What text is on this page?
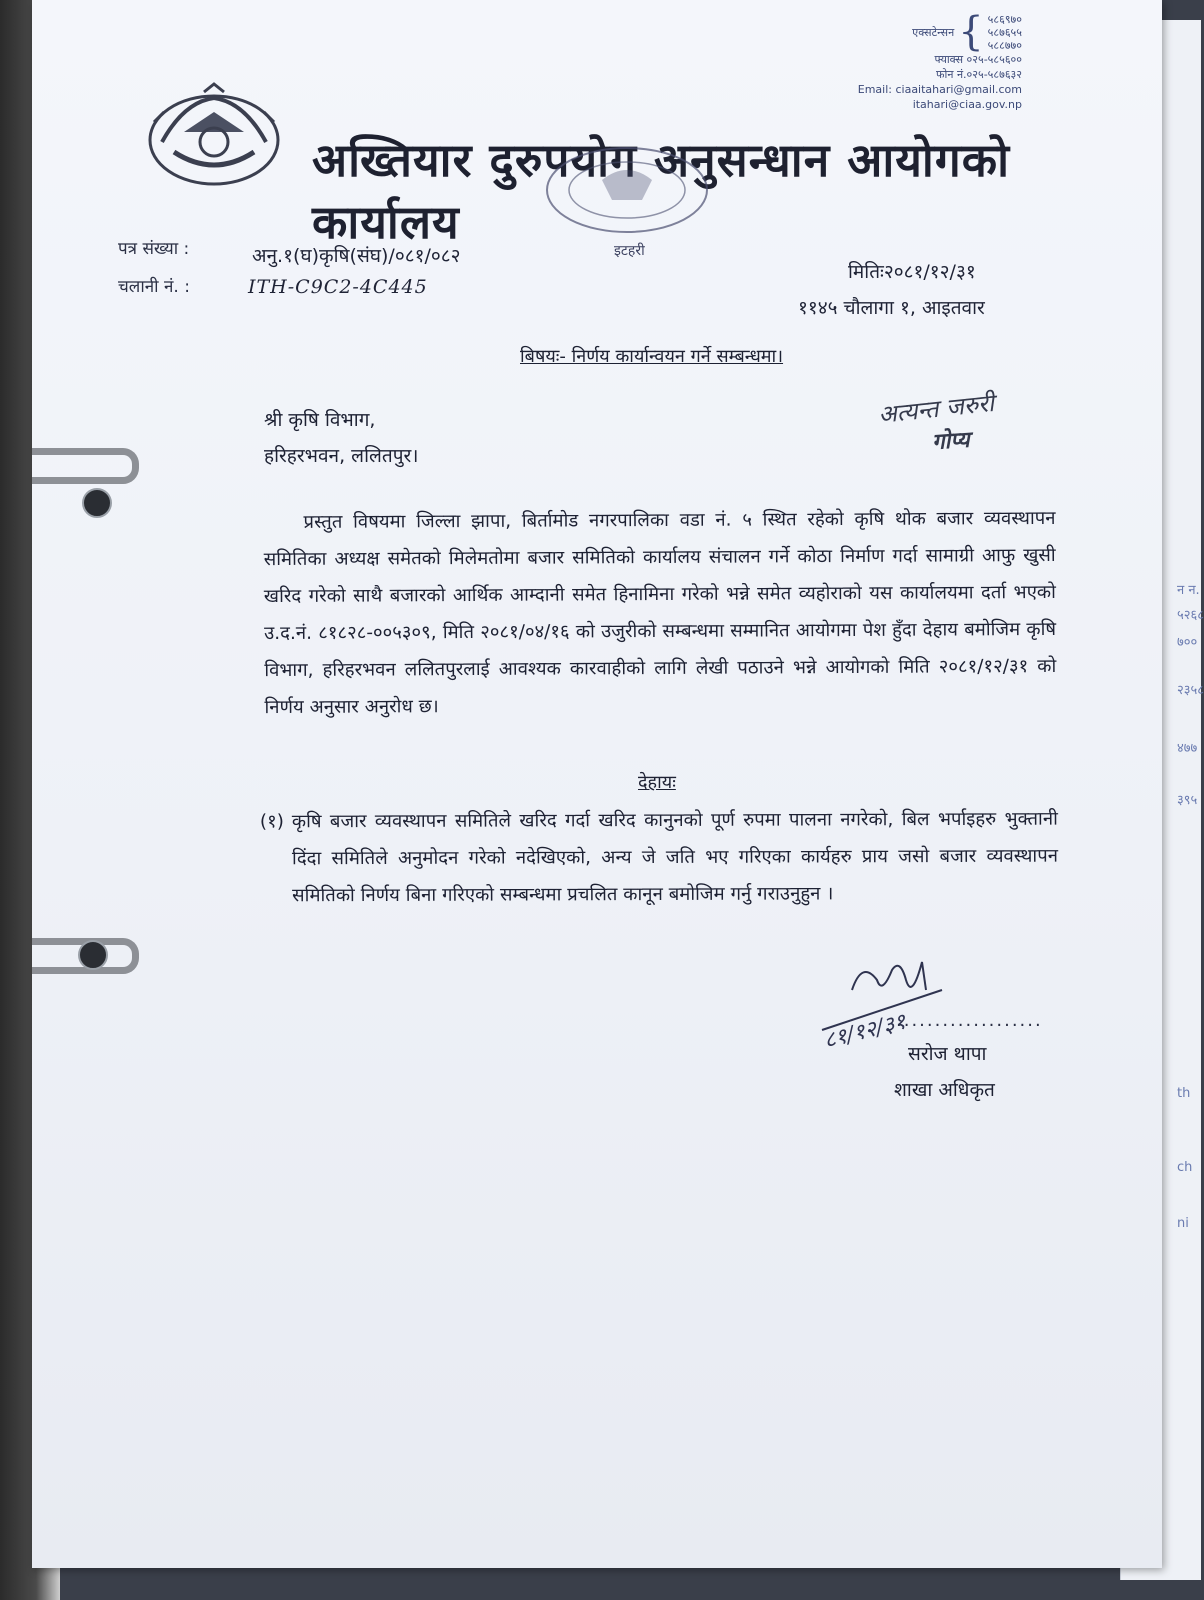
न न.
५२६८
७००
२३५८
४७७
३९५
th
ch
ni
एक्सटेन्सन { ५८६९७०
५८७६५५
५८८७७०
फ्याक्स ०२५-५८५६००
फोन नं.०२५-५८७६३२
Email: ciaaitahari@gmail.com
itahari@ciaa.gov.np
अख्तियार दुरुपयोग अनुसन्धान आयोगको कार्यालय
इटहरी
पत्र संख्या :	अनु.१(घ)कृषि(संघ)/०८१/०८२
चलानी नं. :	ITH-C9C2-4C445
मितिः२०८१/१२/३१
११४५ चौलागा १, आइतवार
बिषयः- निर्णय कार्यान्वयन गर्ने सम्बन्धमा।
श्री कृषि विभाग,
हरिहरभवन, ललितपुर।
अत्यन्त जरुरी
गोप्य
प्रस्तुत विषयमा जिल्ला झापा, बिर्तामोड नगरपालिका वडा नं. ५ स्थित रहेको कृषि थोक बजार व्यवस्थापन समितिका अध्यक्ष समेतको मिलेमतोमा बजार समितिको कार्यालय संचालन गर्ने कोठा निर्माण गर्दा सामाग्री आफु खुसी खरिद गरेको साथै बजारको आर्थिक आम्दानी समेत हिनामिना गरेको भन्ने समेत व्यहोराको यस कार्यालयमा दर्ता भएको उ.द.नं. ८१८२८-००५३०९, मिति २०८१/०४/१६ को उजुरीको सम्बन्धमा सम्मानित आयोगमा पेश हुँदा देहाय बमोजिम कृषि विभाग, हरिहरभवन ललितपुरलाई आवश्यक कारवाहीको लागि लेखी पठाउने भन्ने आयोगको मिति २०८१/१२/३१ को निर्णय अनुसार अनुरोध छ।
देहायः
(१) कृषि बजार व्यवस्थापन समितिले खरिद गर्दा खरिद कानुनको पूर्ण रुपमा पालना नगरेको, बिल भर्पाइहरु भुक्तानी दिंदा समितिले अनुमोदन गरेको नदेखिएको, अन्य जे जति भए गरिएका कार्यहरु प्राय जसो बजार व्यवस्थापन समितिको निर्णय बिना गरिएको सम्बन्धमा प्रचलित कानून बमोजिम गर्नु गराउनुहुन ।
८१/१२/३१
...................
सरोज थापा
शाखा अधिकृत
